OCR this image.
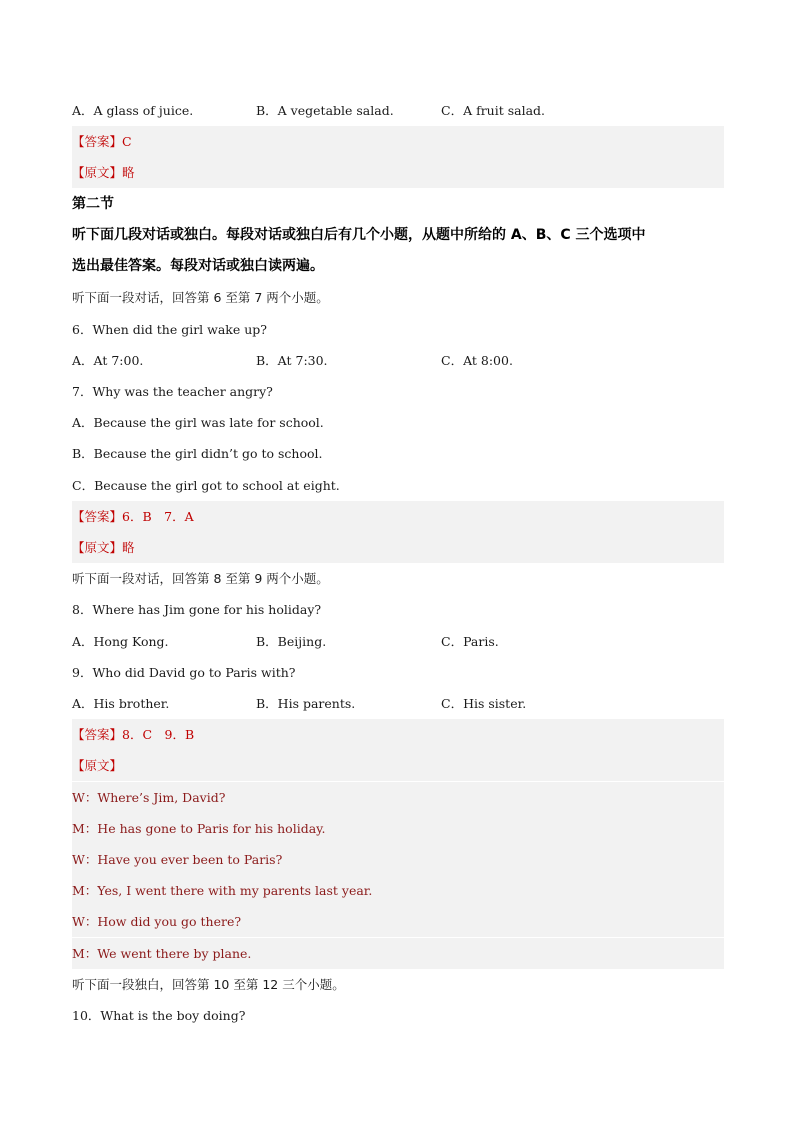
A．A glass of juice.	B．A vegetable salad.	C．A fruit salad.
【答案】C
【原文】略
第二节
听下面几段对话或独白。每段对话或独白后有几个小题，从题中所给的 A、B、C 三个选项中
选出最佳答案。每段对话或独白读两遍。
听下面一段对话，回答第 6 至第 7 两个小题。
6．When did the girl wake up?
A．At 7:00.	B．At 7:30.	C．At 8:00.
7．Why was the teacher angry?
A．Because the girl was late for school.
B．Because the girl didn’t go to school.
C．Because the girl got to school at eight.
【答案】6．B　7．A
【原文】略
听下面一段对话，回答第 8 至第 9 两个小题。
8．Where has Jim gone for his holiday?
A．Hong Kong.	B．Beijing.	C．Paris.
9．Who did David go to Paris with?
A．His brother.	B．His parents.	C．His sister.
【答案】8．C　9．B
【原文】
W：Where’s Jim, David?
M：He has gone to Paris for his holiday.
W：Have you ever been to Paris?
M：Yes, I went there with my parents last year.
W：How did you go there?
M：We went there by plane.
听下面一段独白，回答第 10 至第 12 三个小题。
10．What is the boy doing?
